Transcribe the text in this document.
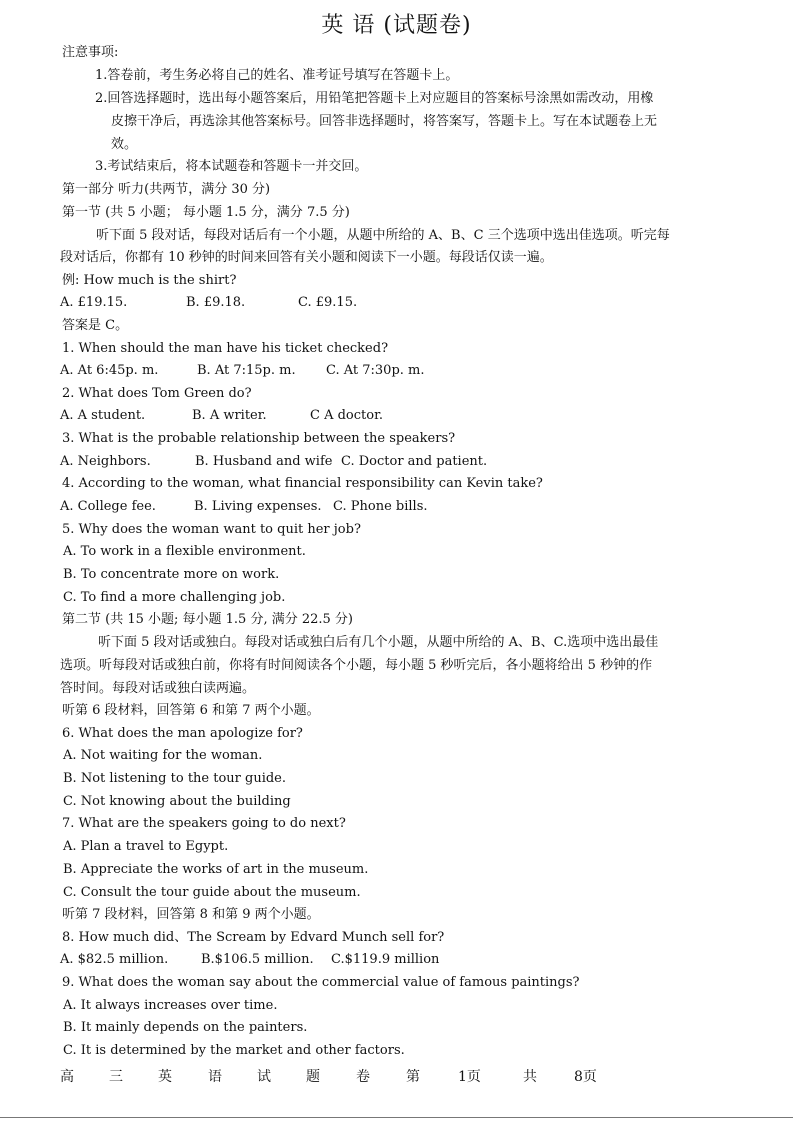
英 语 (试题卷)
注意事项:
1.答卷前，考生务必将自己的姓名、准考证号填写在答题卡上。
2.回答选择题时，选出每小题答案后，用铅笔把答题卡上对应题目的答案标号涂黑如需改动，用橡
皮擦干净后，再选涂其他答案标号。回答非选择题时，将答案写，答题卡上。写在本试题卷上无
效。
3.考试结束后，将本试题卷和答题卡一并交回。
第一部分 听力(共两节，满分 30 分)
第一节 (共 5 小题； 每小题 1.5 分，满分 7.5 分)
听下面 5 段对话，每段对话后有一个小题，从题中所给的 A、B、C 三个选项中选出佳选项。听完每
段对话后，你都有 10 秒钟的时间来回答有关小题和阅读下一小题。每段话仅读一遍。
例: How much is the shirt?
A. £19.15.	B. £9.18.	C. £9.15.
答案是 C。
1. When should the man have his ticket checked?
A. At 6:45p. m.	B. At 7:15p. m. C. At 7:30p. m.
2. What does Tom Green do?
A. A student.	B. A writer.	C A doctor.
3. What is the probable relationship between the speakers?
A. Neighbors.	B. Husband and wife C. Doctor and patient.
4. According to the woman, what financial responsibility can Kevin take?
A. College fee.	B. Living expenses. C. Phone bills.
5. Why does the woman want to quit her job?
A. To work in a flexible environment.
B. To concentrate more on work.
C. To find a more challenging job.
第二节 (共 15 小题; 每小题 1.5 分, 满分 22.5 分)
听下面 5 段对话或独白。每段对话或独白后有几个小题，从题中所给的 A、B、C.选项中选出最佳
选项。听每段对话或独白前，你将有时间阅读各个小题，每小题 5 秒听完后，各小题将给出 5 秒钟的作
答时间。每段对话或独白读两遍。
听第 6 段材料，回答第 6 和第 7 两个小题。
6. What does the man apologize for?
A. Not waiting for the woman.
B. Not listening to the tour guide.
C. Not knowing about the building
7. What are the speakers going to do next?
A. Plan a travel to Egypt.
B. Appreciate the works of art in the museum.
C. Consult the tour guide about the museum.
听第 7 段材料，回答第 8 和第 9 两个小题。
8. How much did、The Scream by Edvard Munch sell for?
A. $82.5 million.	B.$106.5 million. C.$119.9 million
9. What does the woman say about the commercial value of famous paintings?
A. It always increases over time.
B. It mainly depends on the painters.
C. It is determined by the market and other factors.
高	三	英	语	试	题	卷	第	1页	共	8页
